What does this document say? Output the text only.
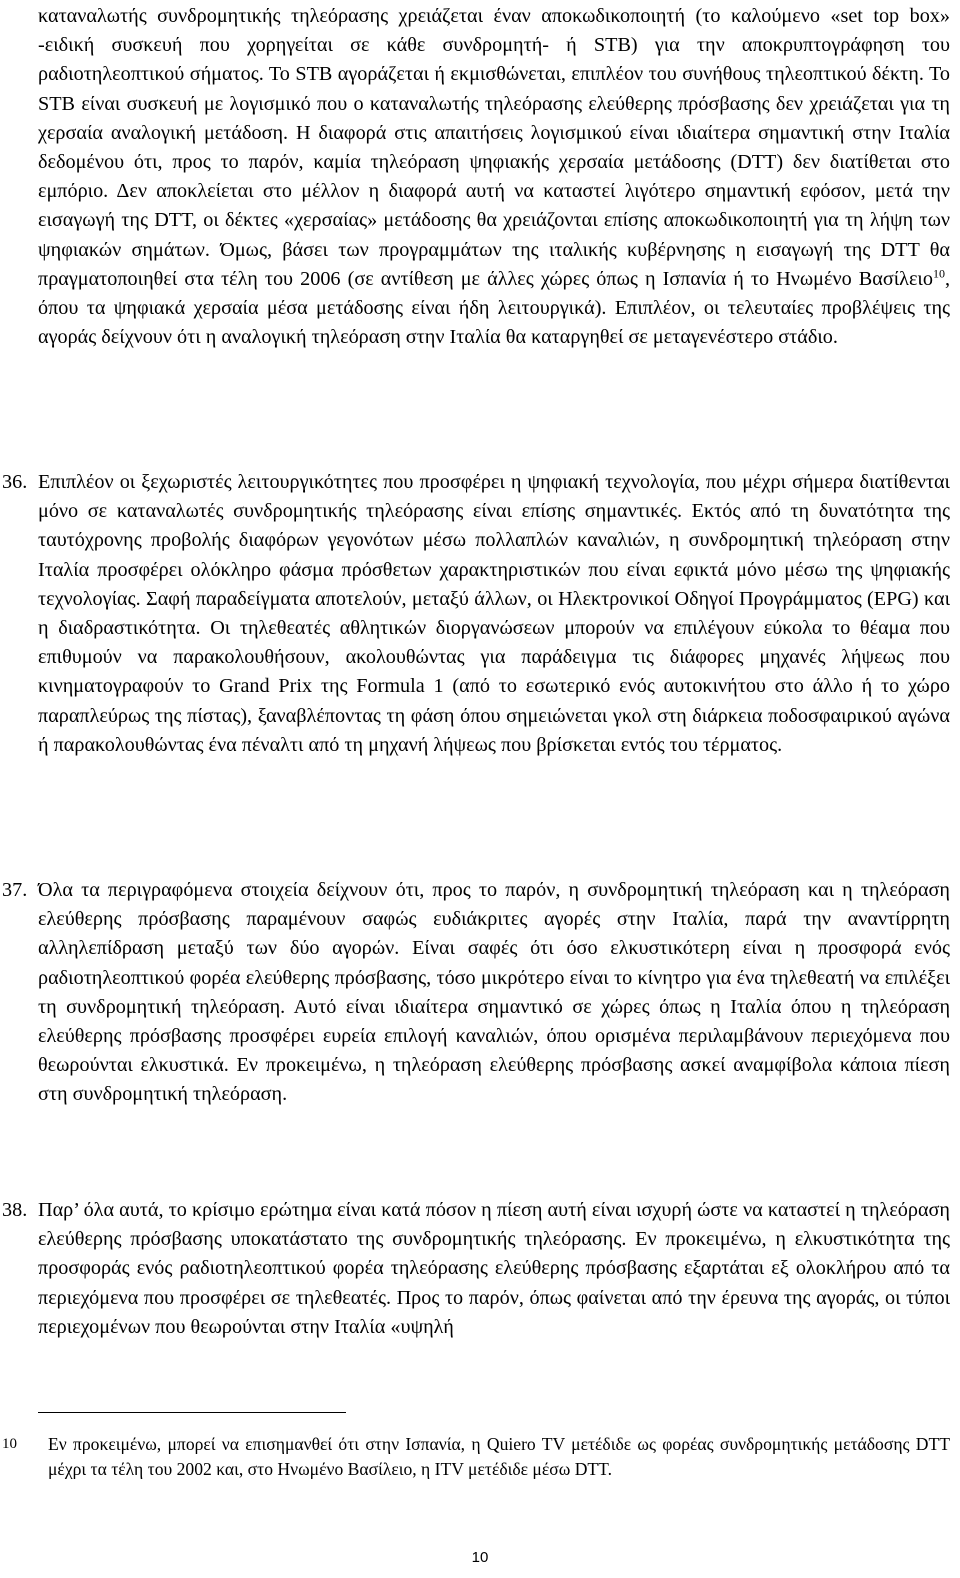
καταναλωτής συνδρομητικής τηλεόρασης χρειάζεται έναν αποκωδικοποιητή (το καλούμενο «set top box» -ειδική συσκευή που χορηγείται σε κάθε συνδρομητή- ή STB) για την αποκρυπτογράφηση του ραδιοτηλεοπτικού σήματος. Το STB αγοράζεται ή εκμισθώνεται, επιπλέον του συνήθους τηλεοπτικού δέκτη. Το STB είναι συσκευή με λογισμικό που ο καταναλωτής τηλεόρασης ελεύθερης πρόσβασης δεν χρειάζεται για τη χερσαία αναλογική μετάδοση. Η διαφορά στις απαιτήσεις λογισμικού είναι ιδιαίτερα σημαντική στην Ιταλία δεδομένου ότι, προς το παρόν, καμία τηλεόραση ψηφιακής χερσαία μετάδοσης (DTT) δεν διατίθεται στο εμπόριο. Δεν αποκλείεται στο μέλλον η διαφορά αυτή να καταστεί λιγότερο σημαντική εφόσον, μετά την εισαγωγή της DTT, οι δέκτες «χερσαίας» μετάδοσης θα χρειάζονται επίσης αποκωδικοποιητή για τη λήψη των ψηφιακών σημάτων. Όμως, βάσει των προγραμμάτων της ιταλικής κυβέρνησης η εισαγωγή της DTT θα πραγματοποιηθεί στα τέλη του 2006 (σε αντίθεση με άλλες χώρες όπως η Ισπανία ή το Ηνωμένο Βασίλειο$^{10}$, όπου τα ψηφιακά χερσαία μέσα μετάδοσης είναι ήδη λειτουργικά). Επιπλέον, οι τελευταίες προβλέψεις της αγοράς δείχνουν ότι η αναλογική τηλεόραση στην Ιταλία θα καταργηθεί σε μεταγενέστερο στάδιο.

36. Επιπλέον οι ξεχωριστές λειτουργικότητες που προσφέρει η ψηφιακή τεχνολογία, που μέχρι σήμερα διατίθενται μόνο σε καταναλωτές συνδρομητικής τηλεόρασης είναι επίσης σημαντικές. Εκτός από τη δυνατότητα της ταυτόχρονης προβολής διαφόρων γεγονότων μέσω πολλαπλών καναλιών, η συνδρομητική τηλεόραση στην Ιταλία προσφέρει ολόκληρο φάσμα πρόσθετων χαρακτηριστικών που είναι εφικτά μόνο μέσω της ψηφιακής τεχνολογίας. Σαφή παραδείγματα αποτελούν, μεταξύ άλλων, οι Ηλεκτρονικοί Οδηγοί Προγράμματος (EPG) και η διαδραστικότητα. Οι τηλεθεατές αθλητικών διοργανώσεων μπορούν να επιλέγουν εύκολα το θέαμα που επιθυμούν να παρακολουθήσουν, ακολουθώντας για παράδειγμα τις διάφορες μηχανές λήψεως που κινηματογραφούν το Grand Prix της Formula 1 (από το εσωτερικό ενός αυτοκινήτου στο άλλο ή το χώρο παραπλεύρως της πίστας), ξαναβλέποντας τη φάση όπου σημειώνεται γκολ στη διάρκεια ποδοσφαιρικού αγώνα ή παρακολουθώντας ένα πέναλτι από τη μηχανή λήψεως που βρίσκεται εντός του τέρματος.

37. Όλα τα περιγραφόμενα στοιχεία δείχνουν ότι, προς το παρόν, η συνδρομητική τηλεόραση και η τηλεόραση ελεύθερης πρόσβασης παραμένουν σαφώς ευδιάκριτες αγορές στην Ιταλία, παρά την αναντίρρητη αλληλεπίδραση μεταξύ των δύο αγορών. Είναι σαφές ότι όσο ελκυστικότερη είναι η προσφορά ενός ραδιοτηλεοπτικού φορέα ελεύθερης πρόσβασης, τόσο μικρότερο είναι το κίνητρο για ένα τηλεθεατή να επιλέξει τη συνδρομητική τηλεόραση. Αυτό είναι ιδιαίτερα σημαντικό σε χώρες όπως η Ιταλία όπου η τηλεόραση ελεύθερης πρόσβασης προσφέρει ευρεία επιλογή καναλιών, όπου ορισμένα περιλαμβάνουν περιεχόμενα που θεωρούνται ελκυστικά. Εν προκειμένω, η τηλεόραση ελεύθερης πρόσβασης ασκεί αναμφίβολα κάποια πίεση στη συνδρομητική τηλεόραση.

38. Παρ’ όλα αυτά, το κρίσιμο ερώτημα είναι κατά πόσον η πίεση αυτή είναι ισχυρή ώστε να καταστεί η τηλεόραση ελεύθερης πρόσβασης υποκατάστατο της συνδρομητικής τηλεόρασης. Εν προκειμένω, η ελκυστικότητα της προσφοράς ενός ραδιοτηλεοπτικού φορέα τηλεόρασης ελεύθερης πρόσβασης εξαρτάται εξ ολοκλήρου από τα περιεχόμενα που προσφέρει σε τηλεθεατές. Προς το παρόν, όπως φαίνεται από την έρευνα της αγοράς, οι τύποι περιεχομένων που θεωρούνται στην Ιταλία «υψηλή

10 Εν προκειμένω, μπορεί να επισημανθεί ότι στην Ισπανία, η Quiero TV μετέδιδε ως φορέας συνδρομητικής μετάδοσης DTT μέχρι τα τέλη του 2002 και, στο Ηνωμένο Βασίλειο, η ITV μετέδιδε μέσω DTT.

10
